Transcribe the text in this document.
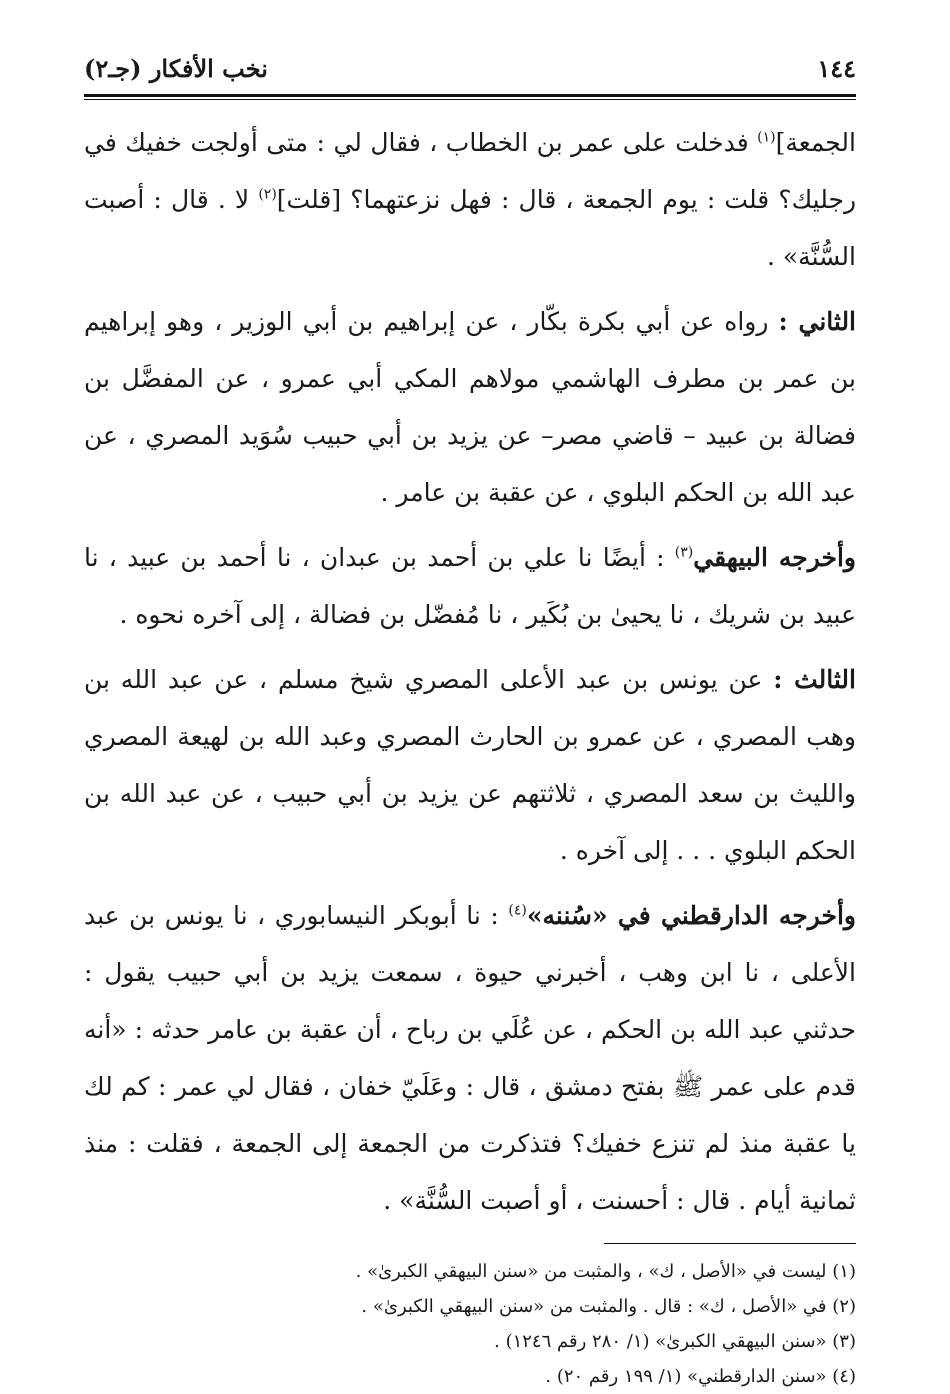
١٤٤
نخب الأفكار (جـ٢)

الجمعة]$^{(١)}$ فدخلت على عمر بن الخطاب ، فقال لي : متى أولجت خفيك في رجليك؟ قلت : يوم الجمعة ، قال : فهل نزعتهما؟ [قلت]$^{(٢)}$ لا . قال : أصبت السُّنَّة» .

الثاني : رواه عن أبي بكرة بكّار ، عن إبراهيم بن أبي الوزير ، وهو إبراهيم بن عمر بن مطرف الهاشمي مولاهم المكي أبي عمرو ، عن المفضَّل بن فضالة بن عبيد – قاضي مصر– عن يزيد بن أبي حبيب سُوَيد المصري ، عن عبد الله بن الحكم البلوي ، عن عقبة بن عامر .

وأخرجه البيهقي$^{(٣)}$ : أيضًا نا علي بن أحمد بن عبدان ، نا أحمد بن عبيد ، نا عبيد بن شريك ، نا يحيىٰ بن بُكَير ، نا مُفضّل بن فضالة ، إلى آخره نحوه .

الثالث : عن يونس بن عبد الأعلى المصري شيخ مسلم ، عن عبد الله بن وهب المصري ، عن عمرو بن الحارث المصري وعبد الله بن لهيعة المصري والليث بن سعد المصري ، ثلاثتهم عن يزيد بن أبي حبيب ، عن عبد الله بن الحكم البلوي . . . إلى آخره .

وأخرجه الدارقطني في «سُننه»$^{(٤)}$ : نا أبوبكر النيسابوري ، نا يونس بن عبد الأعلى ، نا ابن وهب ، أخبرني حيوة ، سمعت يزيد بن أبي حبيب يقول : حدثني عبد الله بن الحكم ، عن عُلَي بن رباح ، أن عقبة بن عامر حدثه : «أنه قدم على عمر ﷺ بفتح دمشق ، قال : وعَلَيّ خفان ، فقال لي عمر : كم لك يا عقبة منذ لم تنزع خفيك؟ فتذكرت من الجمعة إلى الجمعة ، فقلت : منذ ثمانية أيام . قال : أحسنت ، أو أصبت السُّنَّة» .

(١) ليست في «الأصل ، ك» ، والمثبت من «سنن البيهقي الكبرىٰ» .

(٢) في «الأصل ، ك» : قال . والمثبت من «سنن البيهقي الكبرىٰ» .

(٣) «سنن البيهقي الكبرىٰ» (١/ ٢٨٠ رقم ١٢٤٦) .

(٤) «سنن الدارقطني» (١/ ١٩٩ رقم ٢٠) .
